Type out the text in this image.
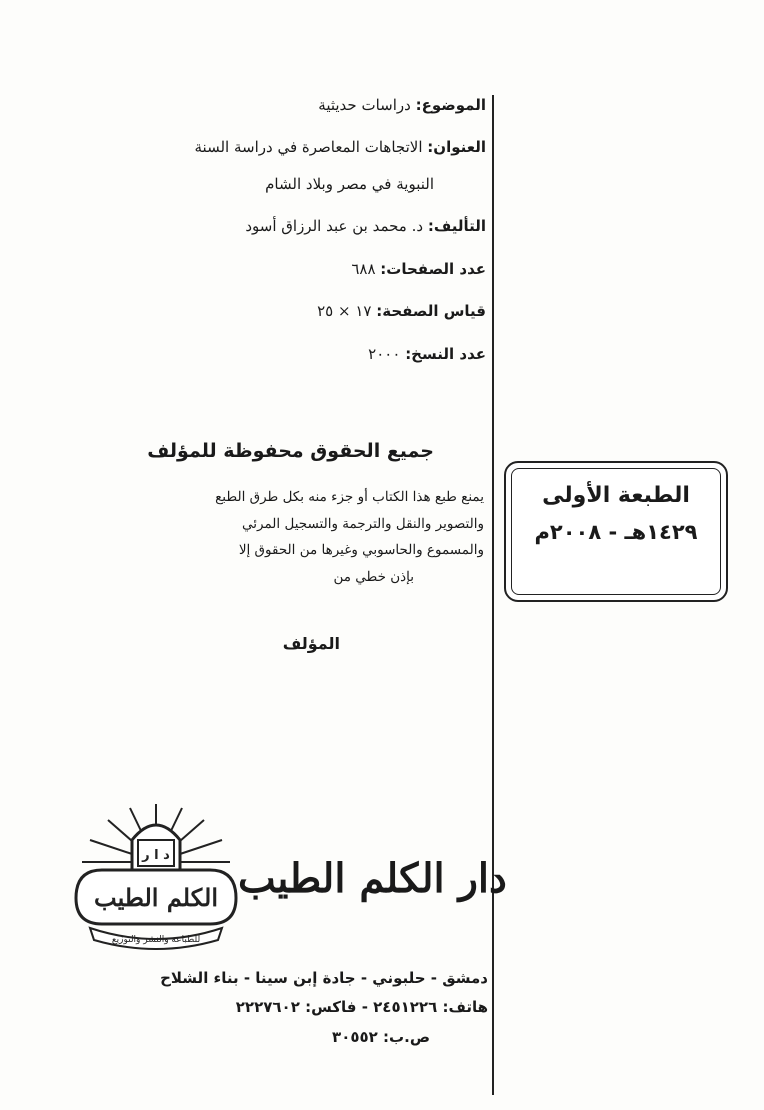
الموضوع: دراسات حديثية
العنوان: الاتجاهات المعاصرة في دراسة السنة
النبوية في مصر وبلاد الشام
التأليف: د. محمد بن عبد الرزاق أسود
عدد الصفحات: ٦٨٨
قياس الصفحة: ١٧ × ٢٥
عدد النسخ: ٢٠٠٠
جميع الحقوق محفوظة للمؤلف
يمنع طبع هذا الكتاب أو جزء منه بكل طرق الطبع
والتصوير والنقل والترجمة والتسجيل المرئي
والمسموع والحاسوبي وغيرها من الحقوق إلا
بإذن خطي من
المؤلف
الطبعة الأولى
١٤٢٩هـ - ٢٠٠٨م
د ا ر
الكلم الطيب
للطباعة والنشر والتوزيع
دار الكلم الطيب
دمشق - حلبوني - جادة إبن سينا - بناء الشلاح
هاتف: ٢٤٥١٢٢٦ - فاكس: ٢٢٢٧٦٠٢
ص.ب: ٣٠٥٥٢
